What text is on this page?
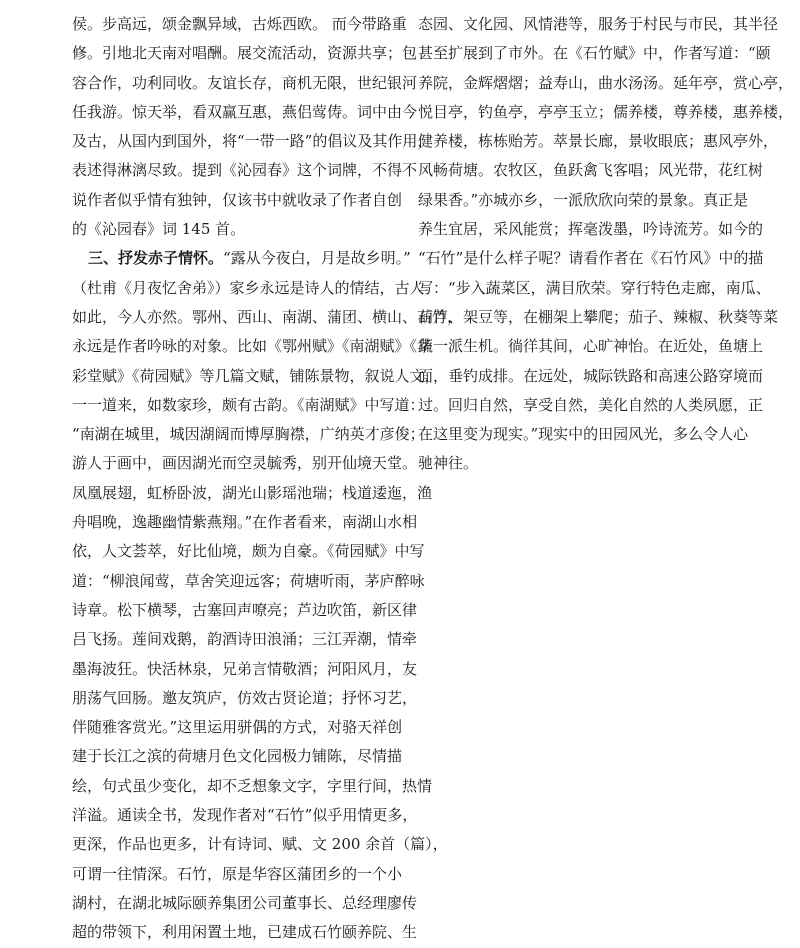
侯。步高远，颂金飘异域，古烁西欧。 而今带路重
修。引地北天南对唱酬。展交流活动，资源共享；包
容合作，功利同收。友谊长存，商机无限，世纪银河
任我游。惊天举，看双赢互惠，燕侣莺俦。词中由今
及古，从国内到国外，将“一带一路”的倡议及其作用，
表述得淋漓尽致。提到《沁园春》这个词牌，不得不
说作者似乎情有独钟，仅该书中就收录了作者自创
的《沁园春》词 145 首。
三、抒发赤子情怀。“露从今夜白，月是故乡明。”
（杜甫《月夜忆舍弟》）家乡永远是诗人的情结，古人
如此，今人亦然。鄂州、西山、南湖、蒲团、横山、石竹，
永远是作者吟咏的对象。比如《鄂州赋》《南湖赋》《华
彩堂赋》《荷园赋》等几篇文赋，铺陈景物，叙说人文，
一一道来，如数家珍，颇有古韵。《南湖赋》中写道：
“南湖在城里，城因湖阔而博厚胸襟，广纳英才彦俊；
游人于画中，画因湖光而空灵毓秀，别开仙境天堂。
凤凰展翅，虹桥卧波，湖光山影瑶池瑞；栈道逶迤，渔
舟唱晚，逸趣幽情紫燕翔。”在作者看来，南湖山水相
依，人文荟萃，好比仙境，颇为自豪。《荷园赋》中写
道：“柳浪闻莺，草舍笑迎远客；荷塘听雨，茅庐醉咏
诗章。松下横琴，古塞回声嘹亮；芦边吹笛，新区律
吕飞扬。莲间戏鹅，韵酒诗田浪涌；三江弄潮，情牵
墨海波狂。快活林泉，兄弟言情敬酒；河阳风月，友
朋荡气回肠。邀友筑庐，仿效古贤论道；抒怀习艺，
伴随雅客赏光。”这里运用骈偶的方式，对骆天祥创
建于长江之滨的荷塘月色文化园极力铺陈，尽情描
绘，句式虽少变化，却不乏想象文字，字里行间，热情
洋溢。通读全书，发现作者对“石竹”似乎用情更多，
更深，作品也更多，计有诗词、赋、文 200 余首（篇），
可谓一往情深。石竹，原是华容区蒲团乡的一个小
湖村，在湖北城际颐养集团公司董事长、总经理廖传
超的带领下，利用闲置土地，已建成石竹颐养院、生
态园、文化园、风情港等，服务于村民与市民，其半径
甚至扩展到了市外。在《石竹赋》中，作者写道：“颐
养院，金辉熠熠；益寿山，曲水汤汤。延年亭，赏心亭，
悦目亭，钓鱼亭，亭亭玉立；儒养楼，尊养楼，惠养楼，
健养楼，栋栋贻芳。萃景长廊，景收眼底；惠风亭外，
风畅荷塘。农牧区，鱼跃禽飞客唱；风光带，花红树
绿果香。”亦城亦乡，一派欣欣向荣的景象。真正是
养生宜居，采风能赏；挥毫泼墨，吟诗流芳。如今的
“石竹”是什么样子呢？请看作者在《石竹风》中的描
写：“步入蔬菜区，满目欣荣。穿行特色走廊，南瓜、
葫芦、架豆等，在棚架上攀爬；茄子、辣椒、秋葵等菜
蔬一派生机。徜徉其间，心旷神怡。在近处，鱼塘上
面，垂钓成排。在远处，城际铁路和高速公路穿境而
过。回归自然，享受自然，美化自然的人类夙愿，正
在这里变为现实。”现实中的田园风光，多么令人心
驰神往。
